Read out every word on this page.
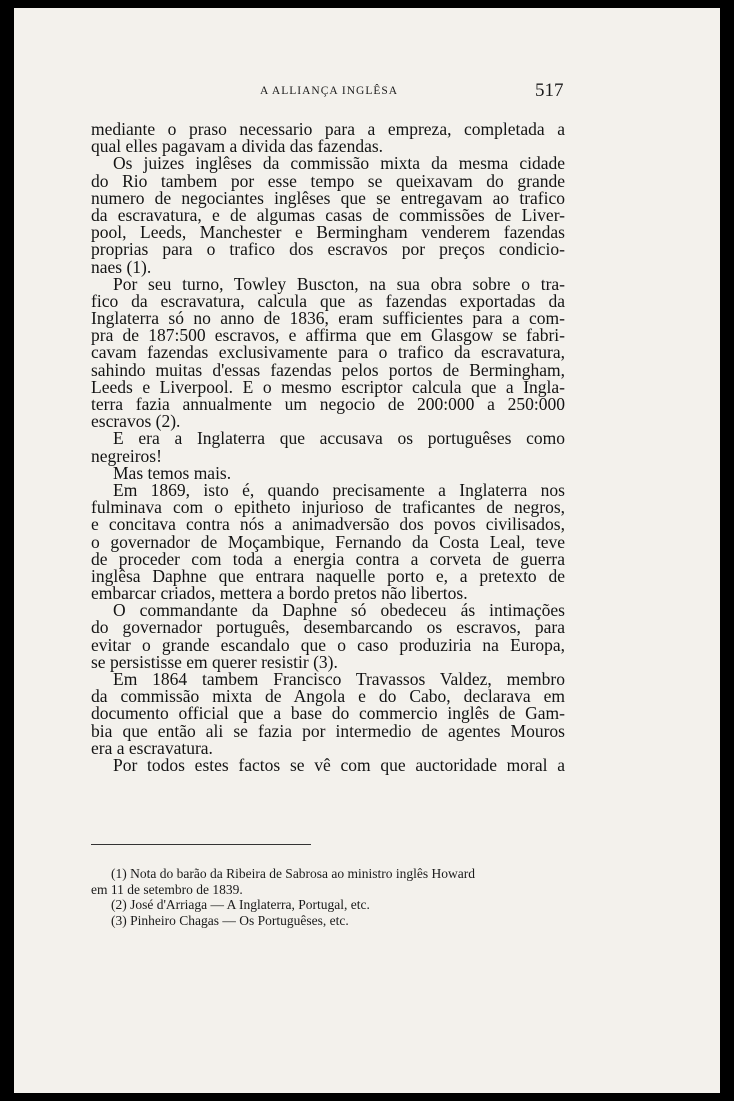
A ALLIANÇA INGLÊSA	517
mediante o praso necessario para a empreza, completada a
qual elles pagavam a divida das fazendas.
Os juizes inglêses da commissão mixta da mesma cidade
do Rio tambem por esse tempo se queixavam do grande
numero de negociantes inglêses que se entregavam ao trafico
da escravatura, e de algumas casas de commissões de Liver-
pool, Leeds, Manchester e Bermingham venderem fazendas
proprias para o trafico dos escravos por preços condicio-
naes (1).
Por seu turno, Towley Buscton, na sua obra sobre o tra-
fico da escravatura, calcula que as fazendas exportadas da
Inglaterra só no anno de 1836, eram sufficientes para a com-
pra de 187:500 escravos, e affirma que em Glasgow se fabri-
cavam fazendas exclusivamente para o trafico da escravatura,
sahindo muitas d'essas fazendas pelos portos de Bermingham,
Leeds e Liverpool. E o mesmo escriptor calcula que a Ingla-
terra fazia annualmente um negocio de 200:000 a 250:000
escravos (2).
E era a Inglaterra que accusava os portuguêses como
negreiros!
Mas temos mais.
Em 1869, isto é, quando precisamente a Inglaterra nos
fulminava com o epitheto injurioso de traficantes de negros,
e concitava contra nós a animadversão dos povos civilisados,
o governador de Moçambique, Fernando da Costa Leal, teve
de proceder com toda a energia contra a corveta de guerra
inglêsa Daphne que entrara naquelle porto e, a pretexto de
embarcar criados, mettera a bordo pretos não libertos.
O commandante da Daphne só obedeceu ás intimações
do governador português, desembarcando os escravos, para
evitar o grande escandalo que o caso produziria na Europa,
se persistisse em querer resistir (3).
Em 1864 tambem Francisco Travassos Valdez, membro
da commissão mixta de Angola e do Cabo, declarava em
documento official que a base do commercio inglês de Gam-
bia que então ali se fazia por intermedio de agentes Mouros
era a escravatura.
Por todos estes factos se vê com que auctoridade moral a
(1) Nota do barão da Ribeira de Sabrosa ao ministro inglês Howard
em 11 de setembro de 1839.
(2) José d'Arriaga — A Inglaterra, Portugal, etc.
(3) Pinheiro Chagas — Os Portuguêses, etc.
